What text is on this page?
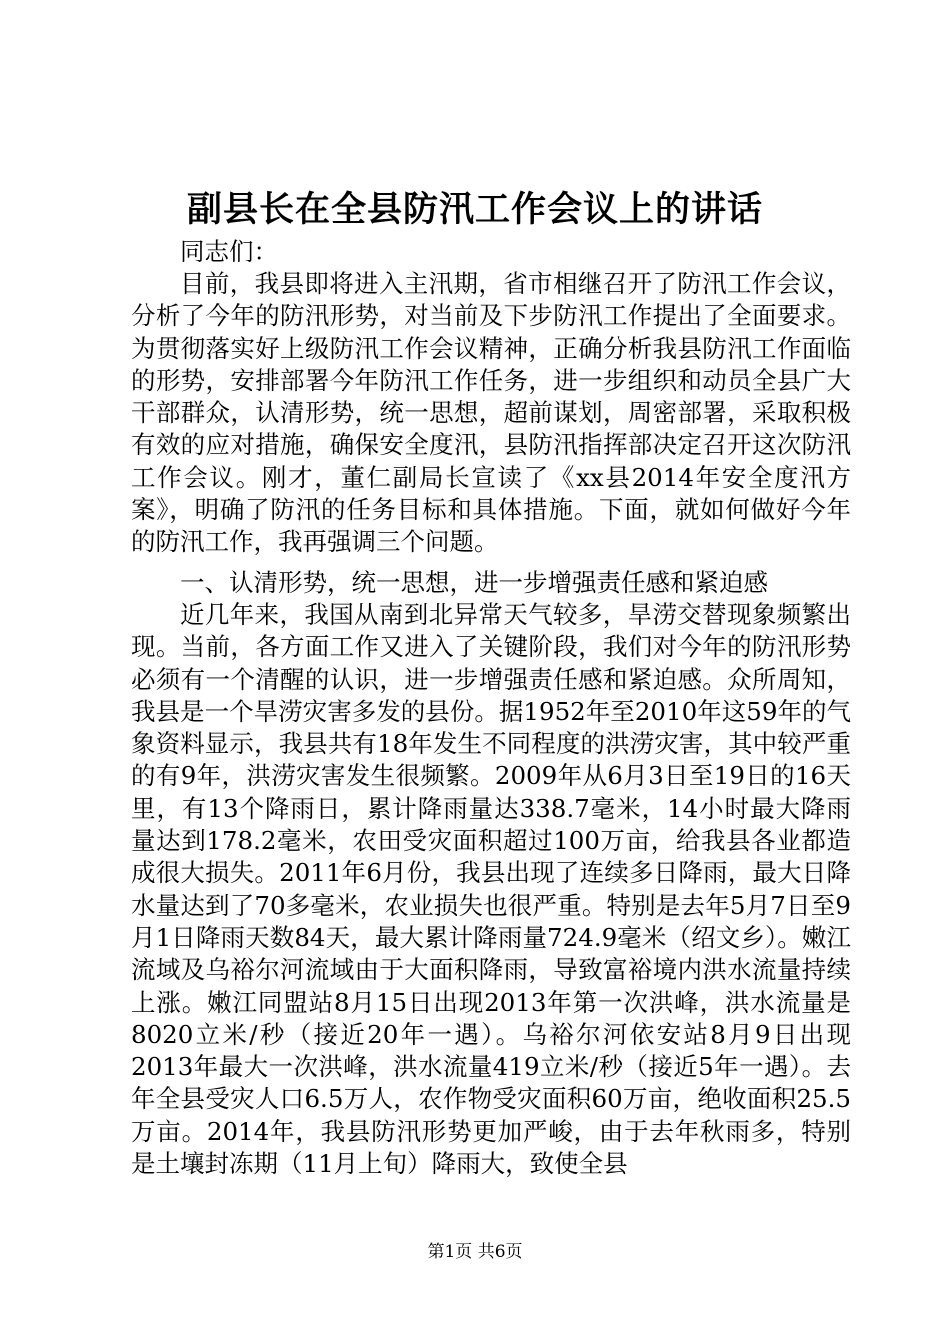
副县长在全县防汛工作会议上的讲话

同志们：

目前，我县即将进入主汛期，省市相继召开了防汛工作会议，分析了今年的防汛形势，对当前及下步防汛工作提出了全面要求。为贯彻落实好上级防汛工作会议精神，正确分析我县防汛工作面临的形势，安排部署今年防汛工作任务，进一步组织和动员全县广大干部群众，认清形势，统一思想，超前谋划，周密部署，采取积极有效的应对措施，确保安全度汛，县防汛指挥部决定召开这次防汛工作会议。刚才，董仁副局长宣读了《xx县2014年安全度汛方案》，明确了防汛的任务目标和具体措施。下面，就如何做好今年的防汛工作，我再强调三个问题。

一、认清形势，统一思想，进一步增强责任感和紧迫感

近几年来，我国从南到北异常天气较多，旱涝交替现象频繁出现。当前，各方面工作又进入了关键阶段，我们对今年的防汛形势必须有一个清醒的认识，进一步增强责任感和紧迫感。众所周知，我县是一个旱涝灾害多发的县份。据1952年至2010年这59年的气象资料显示，我县共有18年发生不同程度的洪涝灾害，其中较严重的有9年，洪涝灾害发生很频繁。2009年从6月3日至19日的16天里，有13个降雨日，累计降雨量达338.7毫米，14小时最大降雨量达到178.2毫米，农田受灾面积超过100万亩，给我县各业都造成很大损失。2011年6月份，我县出现了连续多日降雨，最大日降水量达到了70多毫米，农业损失也很严重。特别是去年5月7日至9月1日降雨天数84天，最大累计降雨量724.9毫米（绍文乡）。嫩江流域及乌裕尔河流域由于大面积降雨，导致富裕境内洪水流量持续上涨。嫩江同盟站8月15日出现2013年第一次洪峰，洪水流量是8020立米/秒（接近20年一遇）。乌裕尔河依安站8月9日出现2013年最大一次洪峰，洪水流量419立米/秒（接近5年一遇）。去年全县受灾人口6.5万人，农作物受灾面积60万亩，绝收面积25.5万亩。2014年，我县防汛形势更加严峻，由于去年秋雨多，特别是土壤封冻期（11月上旬）降雨大，致使全县

第1页 共6页
